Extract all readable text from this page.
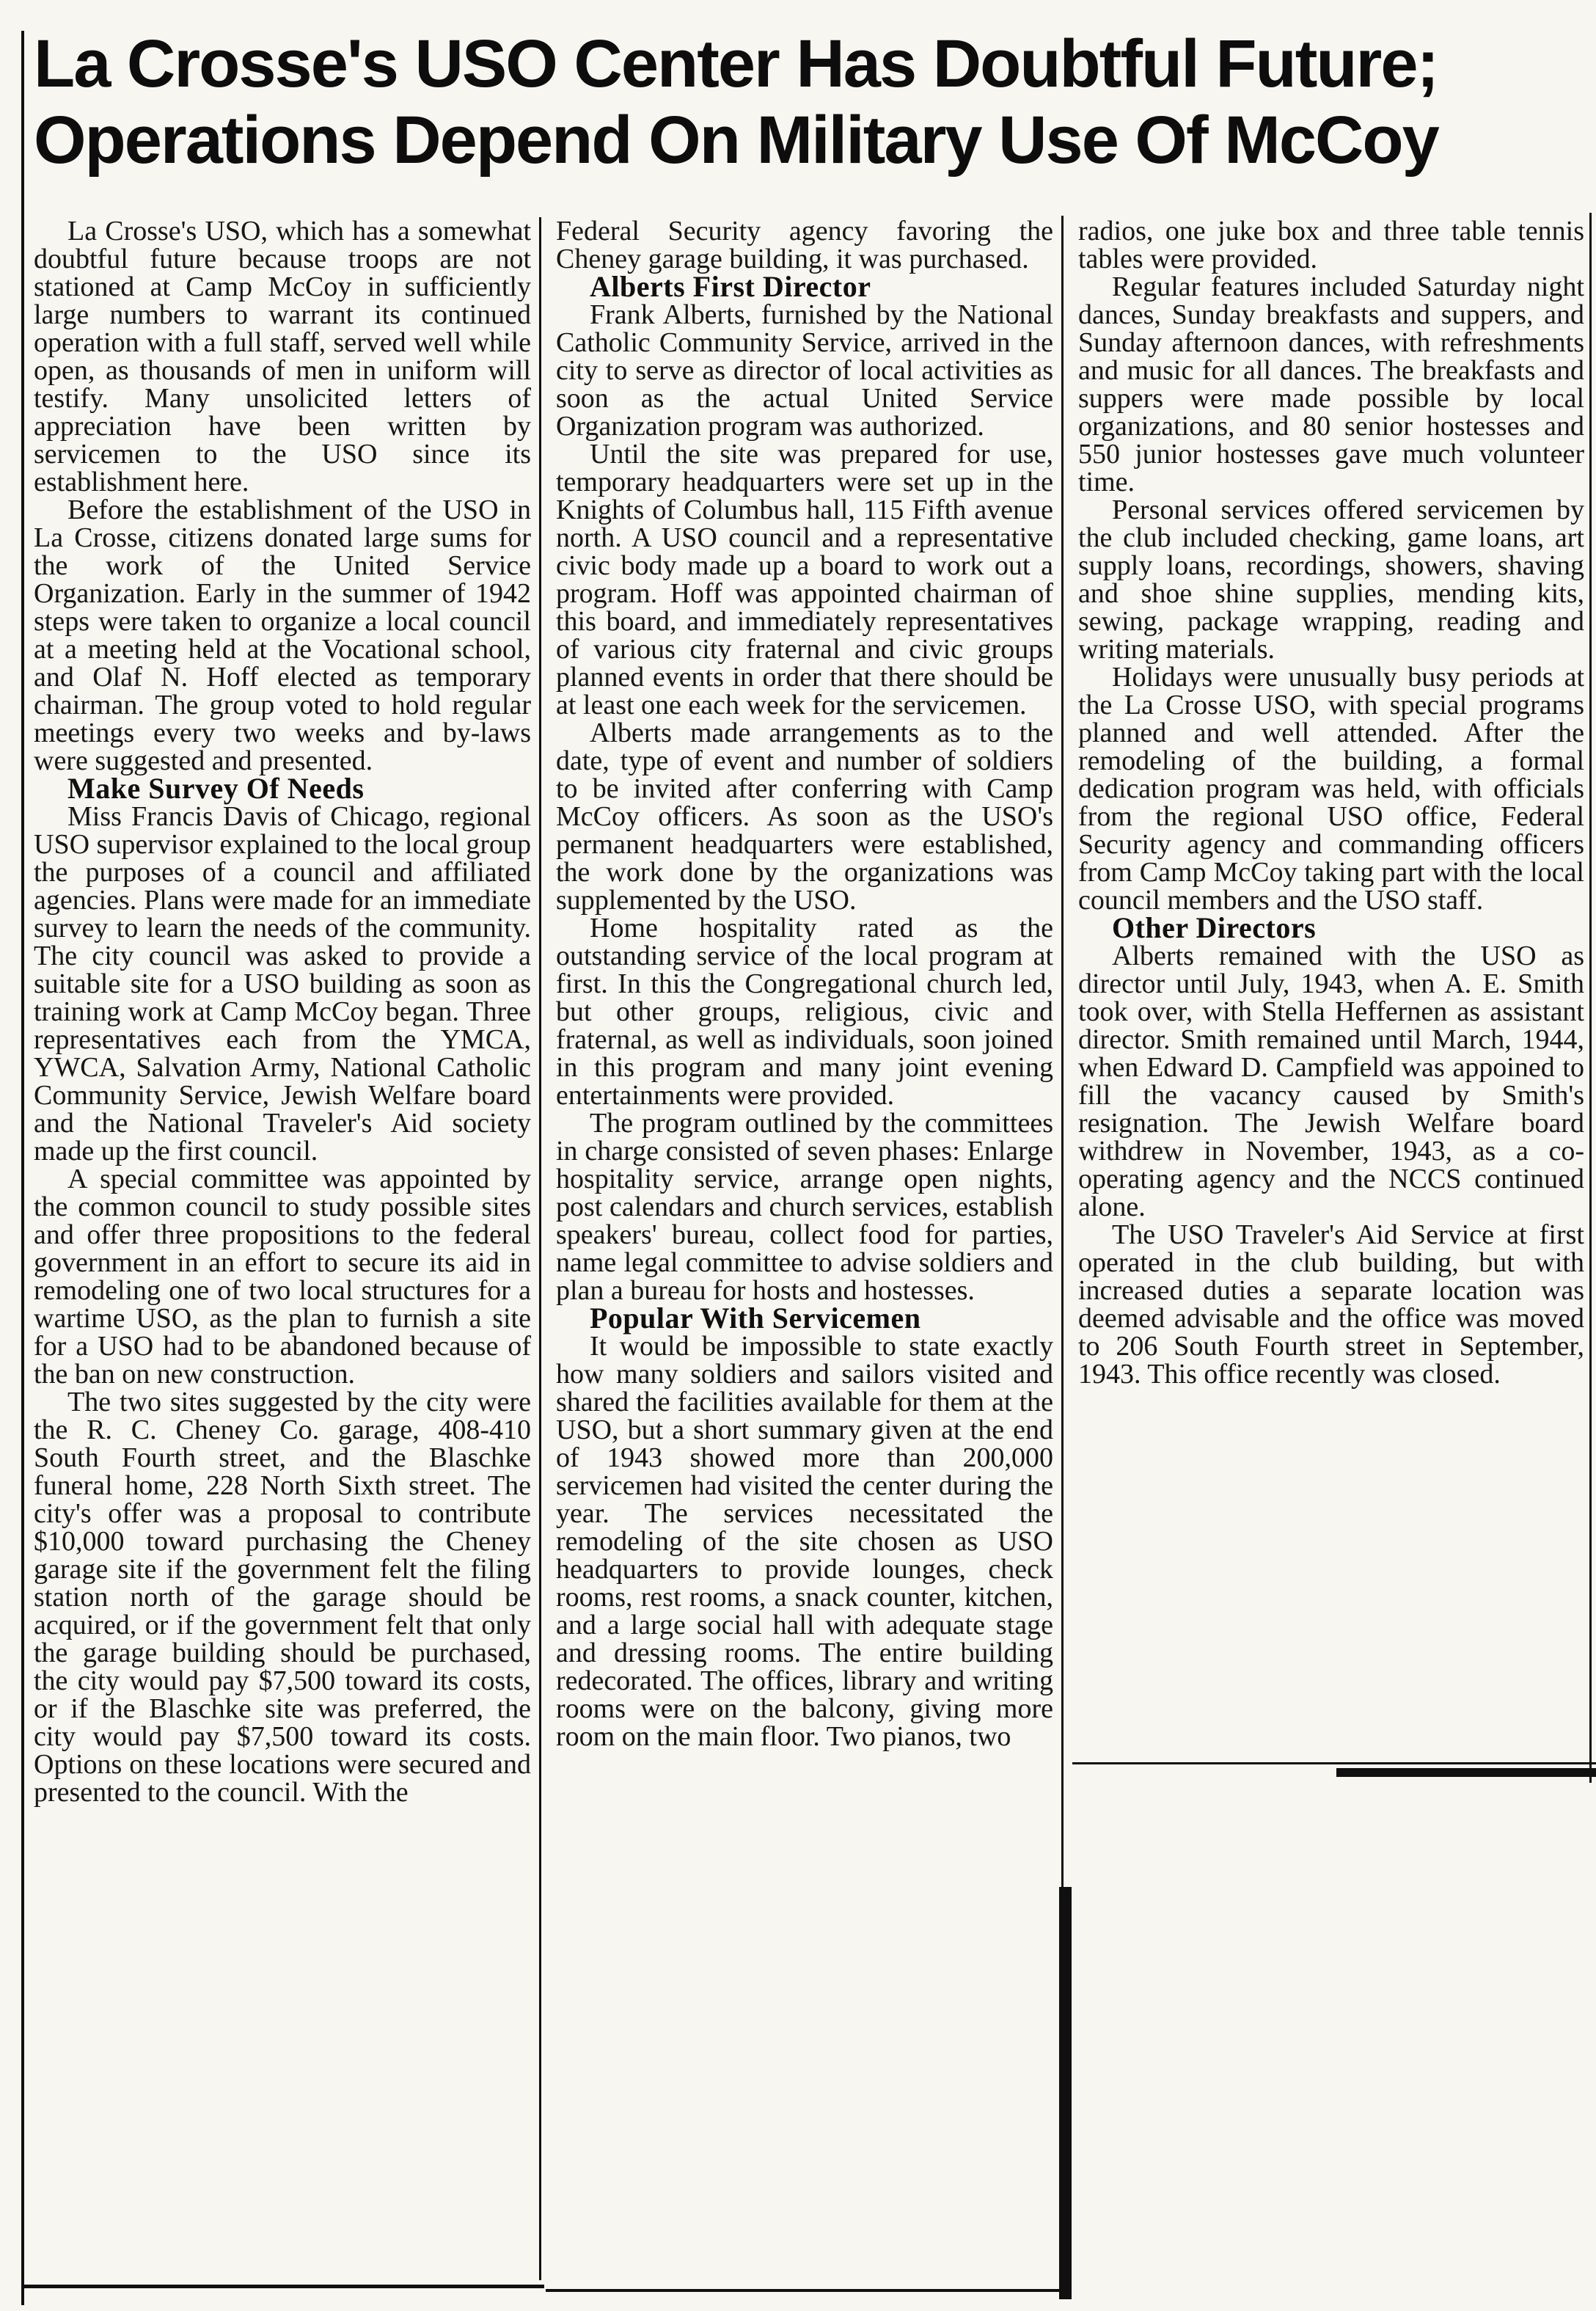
La Crosse's USO Center Has Doubtful Future;
Operations Depend On Military Use Of McCoy

La Crosse's USO, which has a somewhat doubtful future because troops are not stationed at Camp McCoy in sufficiently large numbers to warrant its continued operation with a full staff, served well while open, as thousands of men in uniform will testify. Many unsolicited letters of appreciation have been written by servicemen to the USO since its establishment here.

Before the establishment of the USO in La Crosse, citizens donated large sums for the work of the United Service Organization. Early in the summer of 1942 steps were taken to organize a local council at a meeting held at the Vocational school, and Olaf N. Hoff elected as temporary chairman. The group voted to hold regular meetings every two weeks and by-laws were suggested and presented.

Make Survey Of Needs

Miss Francis Davis of Chicago, regional USO supervisor explained to the local group the purposes of a council and affiliated agencies. Plans were made for an immediate survey to learn the needs of the community. The city council was asked to provide a suitable site for a USO building as soon as training work at Camp McCoy began. Three representatives each from the YMCA, YWCA, Salvation Army, National Catholic Community Service, Jewish Welfare board and the National Traveler's Aid society made up the first council.

A special committee was appointed by the common council to study possible sites and offer three propositions to the federal government in an effort to secure its aid in remodeling one of two local structures for a wartime USO, as the plan to furnish a site for a USO had to be abandoned because of the ban on new construction.

The two sites suggested by the city were the R. C. Cheney Co. garage, 408-410 South Fourth street, and the Blaschke funeral home, 228 North Sixth street. The city's offer was a proposal to contribute $10,000 toward purchasing the Cheney garage site if the government felt the filing station north of the garage should be acquired, or if the government felt that only the garage building should be purchased, the city would pay $7,500 toward its costs, or if the Blaschke site was preferred, the city would pay $7,500 toward its costs. Options on these locations were secured and presented to the council. With the

Federal Security agency favoring the Cheney garage building, it was purchased.

Alberts First Director

Frank Alberts, furnished by the National Catholic Community Service, arrived in the city to serve as director of local activities as soon as the actual United Service Organization program was authorized.

Until the site was prepared for use, temporary headquarters were set up in the Knights of Columbus hall, 115 Fifth avenue north. A USO council and a representative civic body made up a board to work out a program. Hoff was appointed chairman of this board, and immediately representatives of various city fraternal and civic groups planned events in order that there should be at least one each week for the servicemen.

Alberts made arrangements as to the date, type of event and number of soldiers to be invited after conferring with Camp McCoy officers. As soon as the USO's permanent headquarters were established, the work done by the organizations was supplemented by the USO.

Home hospitality rated as the outstanding service of the local program at first. In this the Congregational church led, but other groups, religious, civic and fraternal, as well as individuals, soon joined in this program and many joint evening entertainments were provided.

The program outlined by the committees in charge consisted of seven phases: Enlarge hospitality service, arrange open nights, post calendars and church services, establish speakers' bureau, collect food for parties, name legal committee to advise soldiers and plan a bureau for hosts and hostesses.

Popular With Servicemen

It would be impossible to state exactly how many soldiers and sailors visited and shared the facilities available for them at the USO, but a short summary given at the end of 1943 showed more than 200,000 servicemen had visited the center during the year. The services necessitated the remodeling of the site chosen as USO headquarters to provide lounges, check rooms, rest rooms, a snack counter, kitchen, and a large social hall with adequate stage and dressing rooms. The entire building redecorated. The offices, library and writing rooms were on the balcony, giving more room on the main floor. Two pianos, two

radios, one juke box and three table tennis tables were provided.

Regular features included Saturday night dances, Sunday breakfasts and suppers, and Sunday afternoon dances, with refreshments and music for all dances. The breakfasts and suppers were made possible by local organizations, and 80 senior hostesses and 550 junior hostesses gave much volunteer time.

Personal services offered servicemen by the club included checking, game loans, art supply loans, recordings, showers, shaving and shoe shine supplies, mending kits, sewing, package wrapping, reading and writing materials.

Holidays were unusually busy periods at the La Crosse USO, with special programs planned and well attended. After the remodeling of the building, a formal dedication program was held, with officials from the regional USO office, Federal Security agency and commanding officers from Camp McCoy taking part with the local council members and the USO staff.

Other Directors

Alberts remained with the USO as director until July, 1943, when A. E. Smith took over, with Stella Heffernen as assistant director. Smith remained until March, 1944, when Edward D. Campfield was appoined to fill the vacancy caused by Smith's resignation. The Jewish Welfare board withdrew in November, 1943, as a co-operating agency and the NCCS continued alone.

The USO Traveler's Aid Service at first operated in the club building, but with increased duties a separate location was deemed advisable and the office was moved to 206 South Fourth street in September, 1943. This office recently was closed.
